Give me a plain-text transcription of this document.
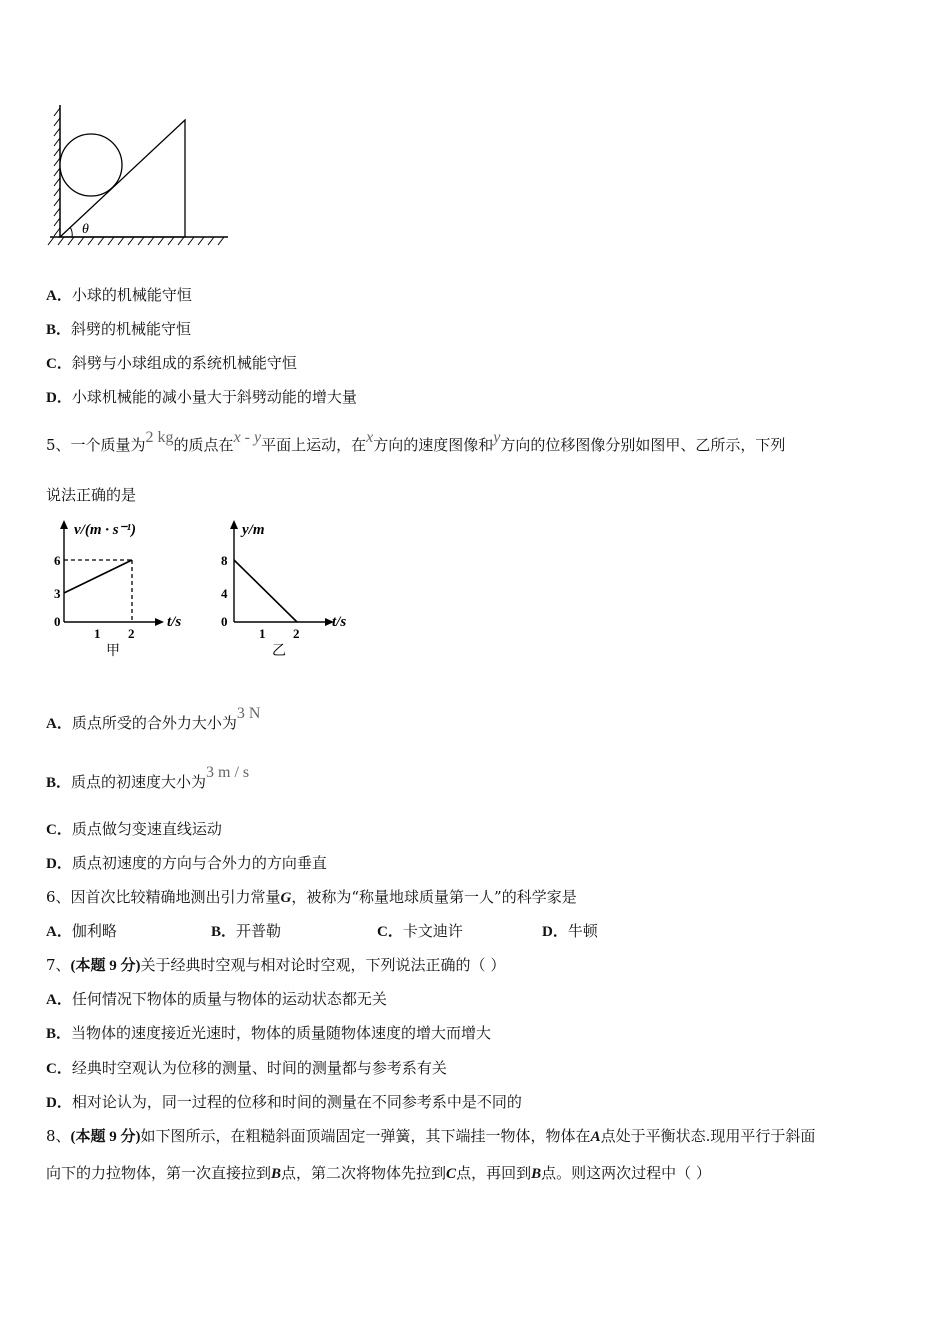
θ
A．小球的机械能守恒
B．斜劈的机械能守恒
C．斜劈与小球组成的系统机械能守恒
D．小球机械能的减小量大于斜劈动能的增大量
5、一个质量为2 kg的质点在x - y平面上运动，在x方向的速度图像和y方向的位移图像分别如图甲、乙所示，下列
说法正确的是
v/(m · s⁻¹)
t/s
6
3
0
1 2
甲
y/m
t/s
8
4
0
1 2
乙
A．质点所受的合外力大小为3 N
B．质点的初速度大小为3 m / s
C．质点做匀变速直线运动
D．质点初速度的方向与合外力的方向垂直
6、因首次比较精确地测出引力常量G，被称为“称量地球质量第一人”的科学家是
A．伽利略	B．开普勒	C．卡文迪许	D．牛顿
7、(本题 9 分)关于经典时空观与相对论时空观，下列说法正确的（ ）
A．任何情况下物体的质量与物体的运动状态都无关
B．当物体的速度接近光速时，物体的质量随物体速度的增大而增大
C．经典时空观认为位移的测量、时间的测量都与参考系有关
D．相对论认为，同一过程的位移和时间的测量在不同参考系中是不同的
8、(本题 9 分)如下图所示，在粗糙斜面顶端固定一弹簧，其下端挂一物体，物体在A点处于平衡状态.现用平行于斜面
向下的力拉物体，第一次直接拉到B点，第二次将物体先拉到C点，再回到B点。则这两次过程中（ ）
